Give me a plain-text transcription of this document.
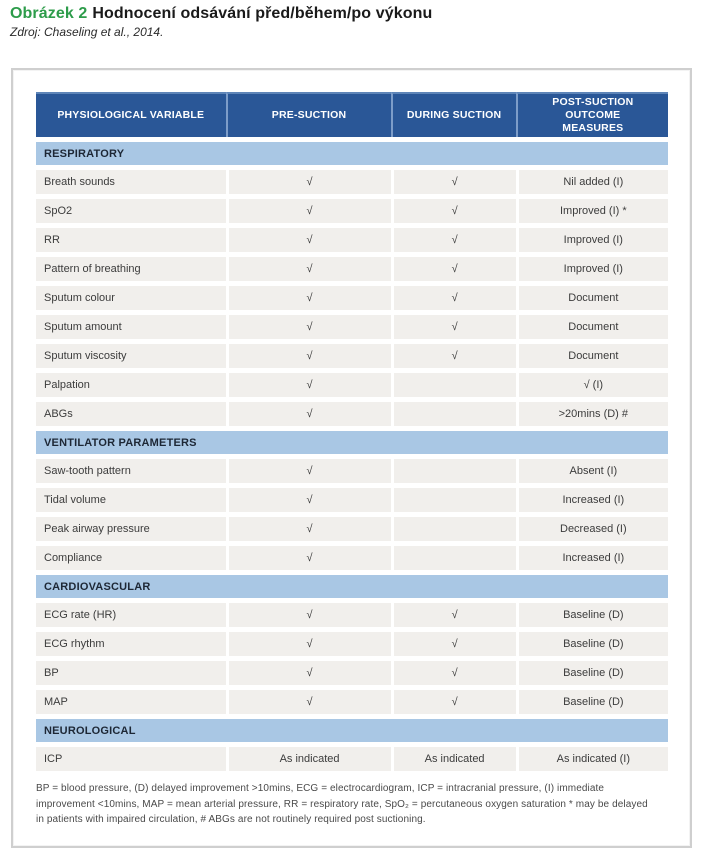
Obrázek 2 Hodnocení odsávání před/během/po výkonu
Zdroj: Chaseling et al., 2014.
PHYSIOLOGICAL VARIABLE	PRE-SUCTION	DURING SUCTION	POST-SUCTION OUTCOME MEASURES
RESPIRATORY			
Breath sounds	√	√	Nil added (I)
SpO2	√	√	Improved (I) *
RR	√	√	Improved (I)
Pattern of breathing	√	√	Improved (I)
Sputum colour	√	√	Document
Sputum amount	√	√	Document
Sputum viscosity	√	√	Document
Palpation	√		√ (I)
ABGs	√		>20mins (D) #
VENTILATOR PARAMETERS			
Saw-tooth pattern	√		Absent (I)
Tidal volume	√		Increased (I)
Peak airway pressure	√		Decreased (I)
Compliance	√		Increased (I)
CARDIOVASCULAR			
ECG rate (HR)	√	√	Baseline (D)
ECG rhythm	√	√	Baseline (D)
BP	√	√	Baseline (D)
MAP	√	√	Baseline (D)
NEUROLOGICAL			
ICP	As indicated	As indicated	As indicated (I)
BP = blood pressure, (D) delayed improvement >10mins, ECG = electrocardiogram, ICP = intracranial pressure, (I) immediate improvement <10mins, MAP = mean arterial pressure, RR = respiratory rate, SpO₂ = percutaneous oxygen saturation * may be delayed in patients with impaired circulation, # ABGs are not routinely required post suctioning.
